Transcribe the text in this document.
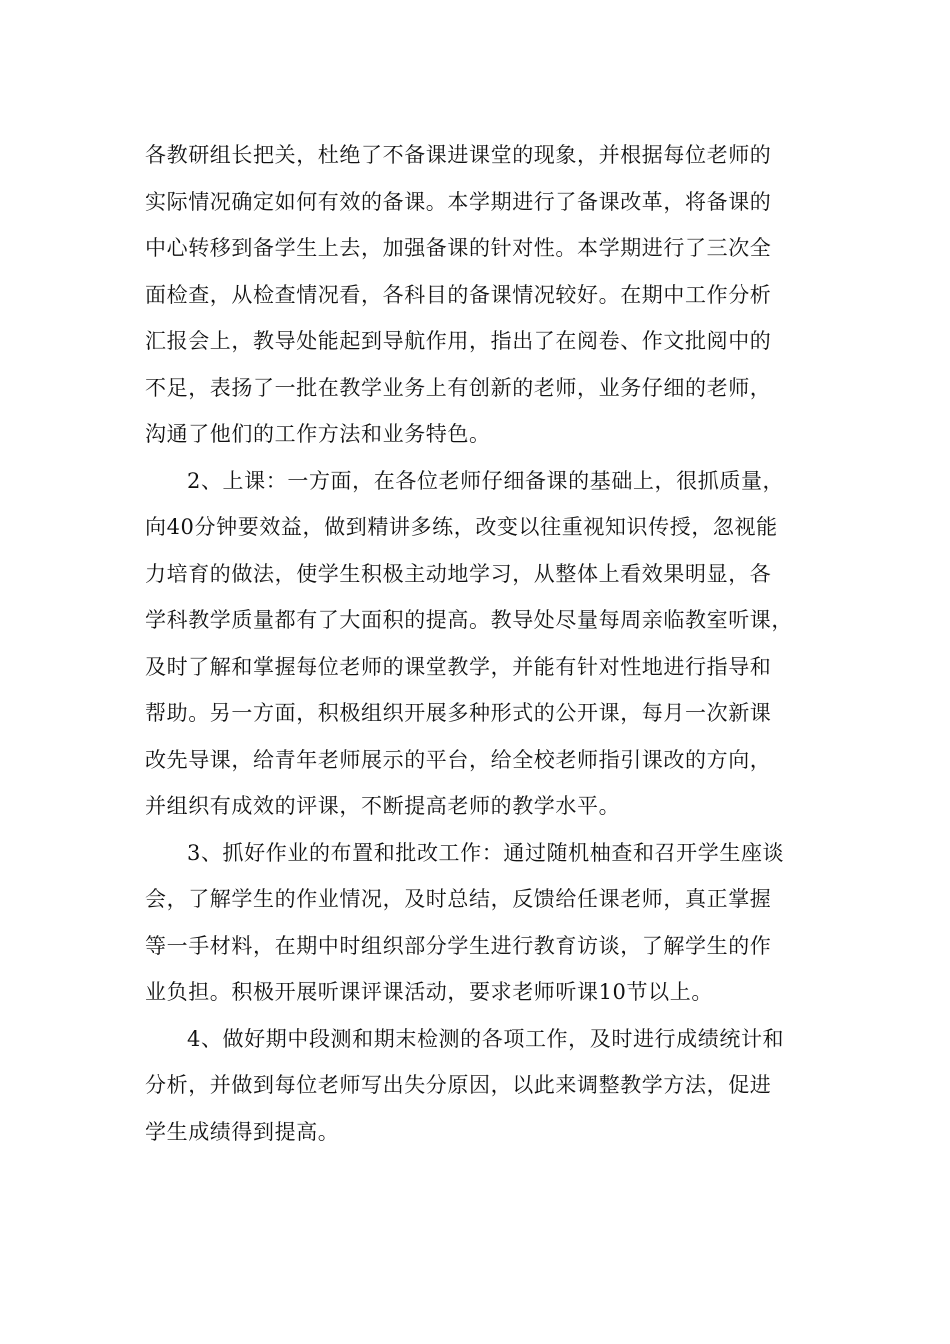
各教研组长把关，杜绝了不备课进课堂的现象，并根据每位老师的
实际情况确定如何有效的备课。本学期进行了备课改革，将备课的
中心转移到备学生上去，加强备课的针对性。本学期进行了三次全
面检查，从检查情况看，各科目的备课情况较好。在期中工作分析
汇报会上，教导处能起到导航作用，指出了在阅卷、作文批阅中的
不足，表扬了一批在教学业务上有创新的老师，业务仔细的老师，
沟通了他们的工作方法和业务特色。
2、上课：一方面，在各位老师仔细备课的基础上，很抓质量，
向40分钟要效益，做到精讲多练，改变以往重视知识传授，忽视能
力培育的做法，使学生积极主动地学习，从整体上看效果明显，各
学科教学质量都有了大面积的提高。教导处尽量每周亲临教室听课，
及时了解和掌握每位老师的课堂教学，并能有针对性地进行指导和
帮助。另一方面，积极组织开展多种形式的公开课，每月一次新课
改先导课，给青年老师展示的平台，给全校老师指引课改的方向，
并组织有成效的评课，不断提高老师的教学水平。
3、抓好作业的布置和批改工作：通过随机柚查和召开学生座谈
会，了解学生的作业情况，及时总结，反馈给任课老师，真正掌握
等一手材料，在期中时组织部分学生进行教育访谈，了解学生的作
业负担。积极开展听课评课活动，要求老师听课10节以上。
4、做好期中段测和期末检测的各项工作，及时进行成绩统计和
分析，并做到每位老师写出失分原因，以此来调整教学方法，促进
学生成绩得到提高。
